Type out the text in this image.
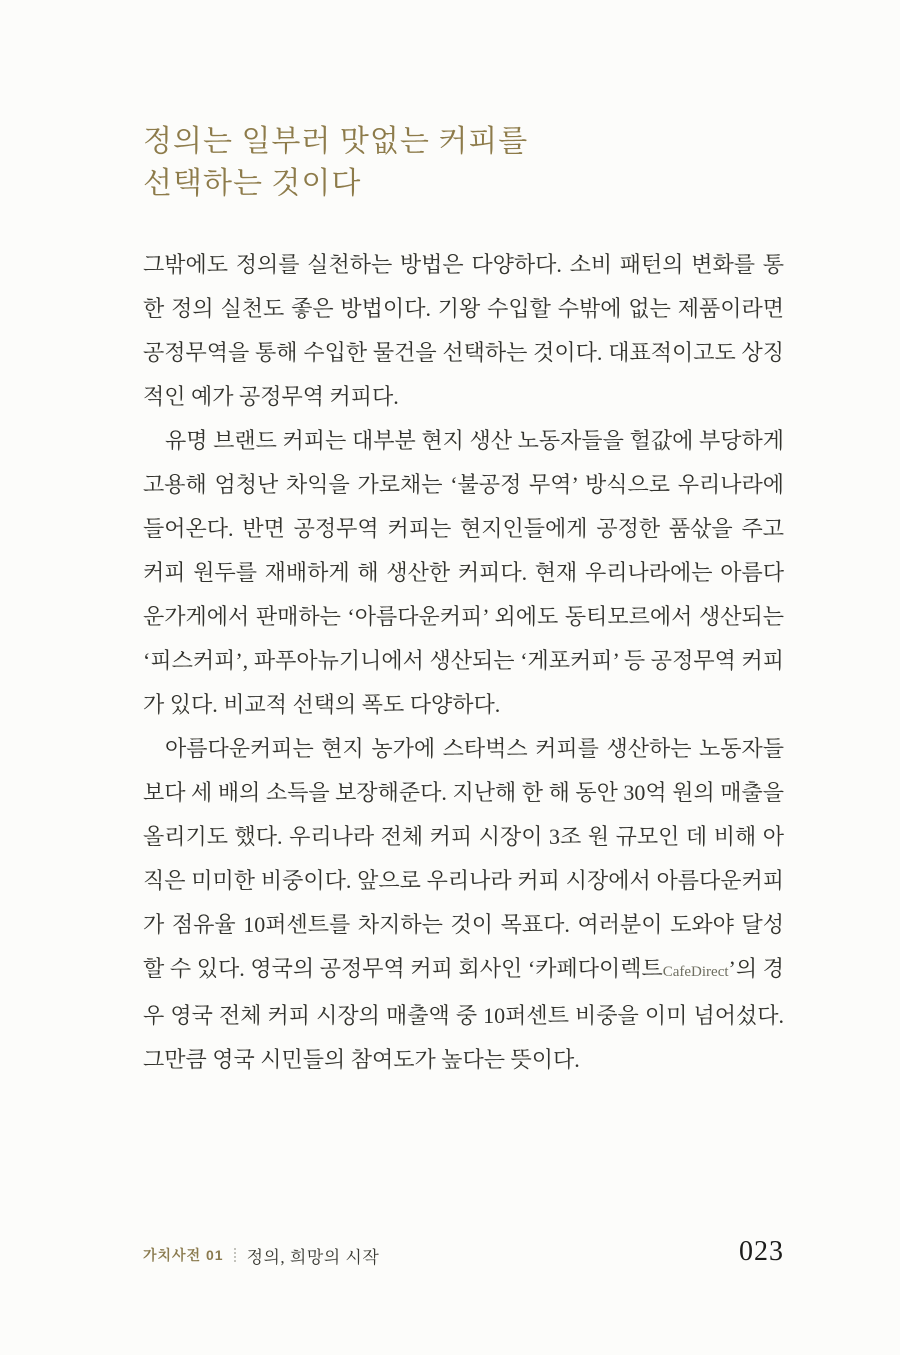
정의는 일부러 맛없는 커피를
선택하는 것이다

그밖에도 정의를 실천하는 방법은 다양하다. 소비 패턴의 변화를 통한 정의 실천도 좋은 방법이다. 기왕 수입할 수밖에 없는 제품이라면 공정무역을 통해 수입한 물건을 선택하는 것이다. 대표적이고도 상징적인 예가 공정무역 커피다.

유명 브랜드 커피는 대부분 현지 생산 노동자들을 헐값에 부당하게 고용해 엄청난 차익을 가로채는 ‘불공정 무역’ 방식으로 우리나라에 들어온다. 반면 공정무역 커피는 현지인들에게 공정한 품삯을 주고 커피 원두를 재배하게 해 생산한 커피다. 현재 우리나라에는 아름다운가게에서 판매하는 ‘아름다운커피’ 외에도 동티모르에서 생산되는 ‘피스커피’, 파푸아뉴기니에서 생산되는 ‘게포커피’ 등 공정무역 커피가 있다. 비교적 선택의 폭도 다양하다.

아름다운커피는 현지 농가에 스타벅스 커피를 생산하는 노동자들보다 세 배의 소득을 보장해준다. 지난해 한 해 동안 30억 원의 매출을 올리기도 했다. 우리나라 전체 커피 시장이 3조 원 규모인 데 비해 아직은 미미한 비중이다. 앞으로 우리나라 커피 시장에서 아름다운커피가 점유율 10퍼센트를 차지하는 것이 목표다. 여러분이 도와야 달성할 수 있다. 영국의 공정무역 커피 회사인 ‘카페다이렉트CafeDirect’의 경우 영국 전체 커피 시장의 매출액 중 10퍼센트 비중을 이미 넘어섰다. 그만큼 영국 시민들의 참여도가 높다는 뜻이다.

가치사전 01 정의, 희망의 시작	023
